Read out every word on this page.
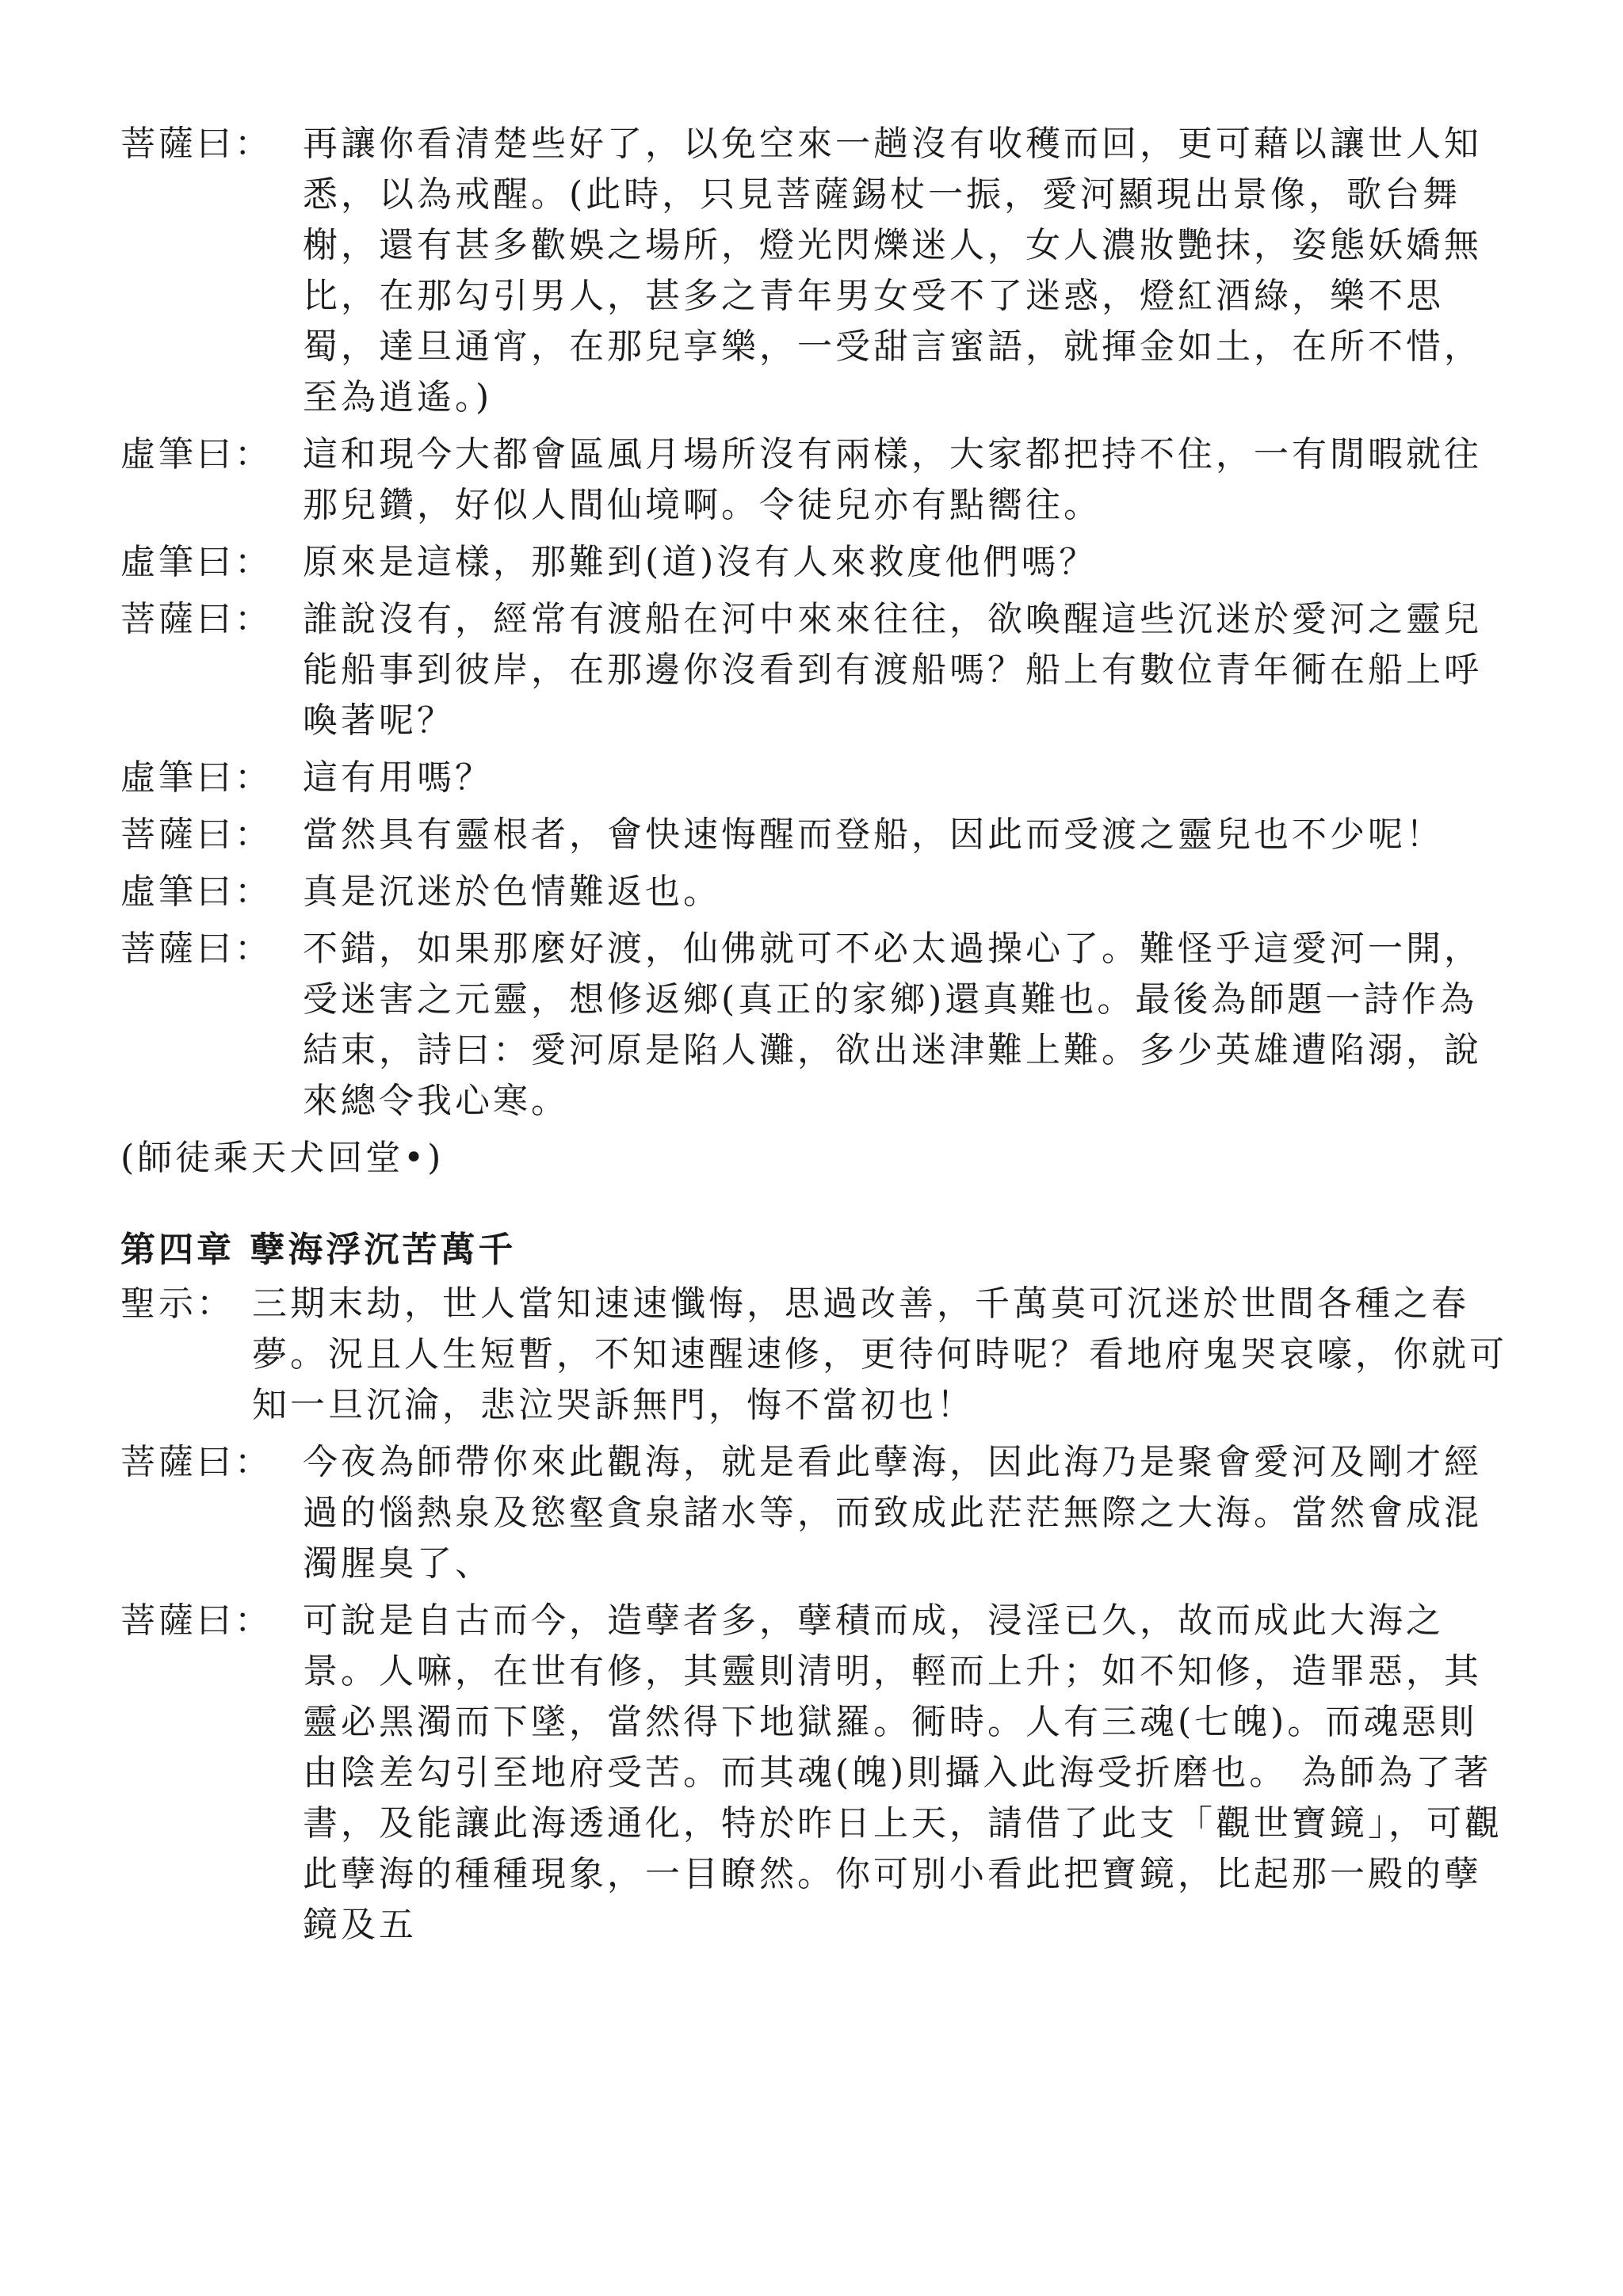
菩薩曰： 再讓你看清楚些好了，以免空來一趟沒有收穫而回，更可藉以讓世人知悉，以為戒醒。(此時，只見菩薩錫杖一振，愛河顯現出景像，歌台舞榭，還有甚多歡娛之場所，燈光閃爍迷人，女人濃妝艷抹，姿態妖嬌無比，在那勾引男人，甚多之青年男女受不了迷惑，燈紅酒綠，樂不思蜀，達旦通宵，在那兒享樂，一受甜言蜜語，就揮金如土，在所不惜，至為逍遙。)
虛筆曰： 這和現今大都會區風月場所沒有兩樣，大家都把持不住，一有閒暇就往那兒鑽，好似人間仙境啊。令徒兒亦有點嚮往。
虛筆曰： 原來是這樣，那難到(道)沒有人來救度他們嗎？
菩薩曰： 誰說沒有，經常有渡船在河中來來往往，欲喚醒這些沉迷於愛河之靈兒能船事到彼岸，在那邊你沒看到有渡船嗎？船上有數位青年衕在船上呼喚著呢？
虛筆曰： 這有用嗎？
菩薩曰： 當然具有靈根者，會快速悔醒而登船，因此而受渡之靈兒也不少呢！
虛筆曰： 真是沉迷於色情難返也。
菩薩曰： 不錯，如果那麼好渡，仙佛就可不必太過操心了。難怪乎這愛河一開，受迷害之元靈，想修返鄉(真正的家鄉)還真難也。最後為師題一詩作為結束，詩曰：愛河原是陷人灘，欲出迷津難上難。多少英雄遭陷溺，說來總令我心寒。
(師徒乘天犬回堂•)
第四章 孽海浮沉苦萬千
聖示： 三期末劫，世人當知速速懺悔，思過改善，千萬莫可沉迷於世間各種之春夢。況且人生短暫，不知速醒速修，更待何時呢？看地府鬼哭哀嚎，你就可知一旦沉淪，悲泣哭訴無門，悔不當初也！
菩薩曰： 今夜為師帶你來此觀海，就是看此孽海，因此海乃是聚會愛河及剛才經過的惱熱泉及慾壑貪泉諸水等，而致成此茫茫無際之大海。當然會成混濁腥臭了、
菩薩曰： 可說是自古而今，造孽者多，孽積而成，浸淫已久，故而成此大海之景。人嘛，在世有修，其靈則清明，輕而上升；如不知修，造罪惡，其靈必黑濁而下墜，當然得下地獄羅。衕時。人有三魂(七魄)。而魂惡則由陰差勾引至地府受苦。而其魂(魄)則攝入此海受折磨也。 為師為了著書，及能讓此海透通化，特於昨日上天，請借了此支「觀世寶鏡」，可觀此孽海的種種現象，一目瞭然。你可別小看此把寶鏡，比起那一殿的孽鏡及五
